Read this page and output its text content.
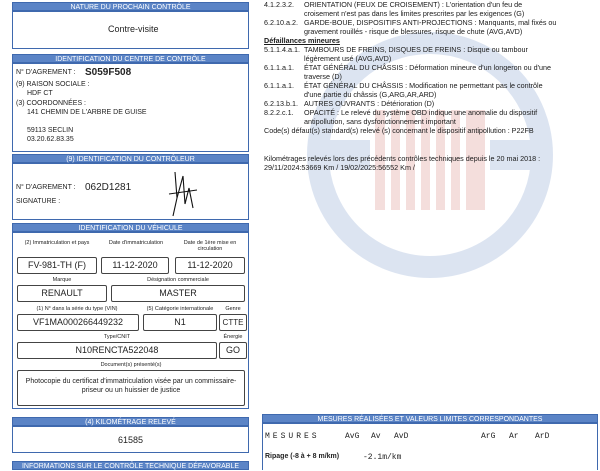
NATURE DU PROCHAIN CONTRÔLE
Contre-visite
IDENTIFICATION DU CENTRE DE CONTRÔLE
N° D'AGREMENT : S059F508
(9) RAISON SOCIALE :
HDF CT
(3) COORDONNÉES :
141 CHEMIN DE L'ARBRE DE GUISE
59113 SECLIN
03.20.62.83.35
(9) IDENTIFICATION DU CONTRÔLEUR
N° D'AGREMENT : 062D1281
SIGNATURE :
IDENTIFICATION DU VÉHICULE
(2) Immatriculation et pays	Date d'immatriculation	Date de 1ère mise en circulation
FV-981-TH (F)	11-12-2020	11-12-2020
Marque	Désignation commerciale
RENAULT	MASTER
(1) N° dans la série du type (VIN)	(5) Catégorie internationale	Genre
VF1MA000266449232	N1	CTTE
Type/CNIT	Énergie
N10RENCTA522048	GO
Document(s) présenté(s)
Photocopie du certificat d'immatriculation visée par un commissaire-priseur ou un huissier de justice
(4) KILOMÉTRAGE RELEVÉ
61585
INFORMATIONS SUR LE CONTRÔLE TECHNIQUE DÉFAVORABLE
4.1.2.3.2. ORIENTATION (FEUX DE CROISEMENT) : L'orientation d'un feu de
croisement n'est pas dans les limites prescrites par les exigences (G)
6.2.10.a.2. GARDE-BOUE, DISPOSITIFS ANTI-PROJECTIONS : Manquants, mal fixés ou
gravement rouillés - risque de blessures, risque de chute (AVG,AVD)
Défaillances mineures
5.1.1.4.a.1. TAMBOURS DE FREINS, DISQUES DE FREINS : Disque ou tambour
légèrement usé (AVG,AVD)
6.1.1.a.1. ÉTAT GÉNÉRAL DU CHÂSSIS : Déformation mineure d'un longeron ou d'une
traverse (D)
6.1.1.a.1. ÉTAT GÉNÉRAL DU CHÂSSIS : Modification ne permettant pas le contrôle
d'une partie du châssis (G,ARG,AR,ARD)
6.2.13.b.1. AUTRES OUVRANTS : Détérioration (D)
8.2.2.c.1. OPACITÉ : Le relevé du système OBD indique une anomalie du dispositif
antipollution, sans dysfonctionnement important
Code(s) défaut(s) standard(s) relevé (s) concernant le dispositif antipollution : P22FB
Kilométrages relevés lors des précédents contrôles techniques depuis le 20 mai 2018 :
29/11/2024:53669 Km / 19/02/2025:56552 Km /
MESURES RÉALISÉES ET VALEURS LIMITES CORRESPONDANTES
MESURES	AvG Av AvD	ArG Ar ArD
Ripage (-8 à + 8 m/km)	-2.1m/km
